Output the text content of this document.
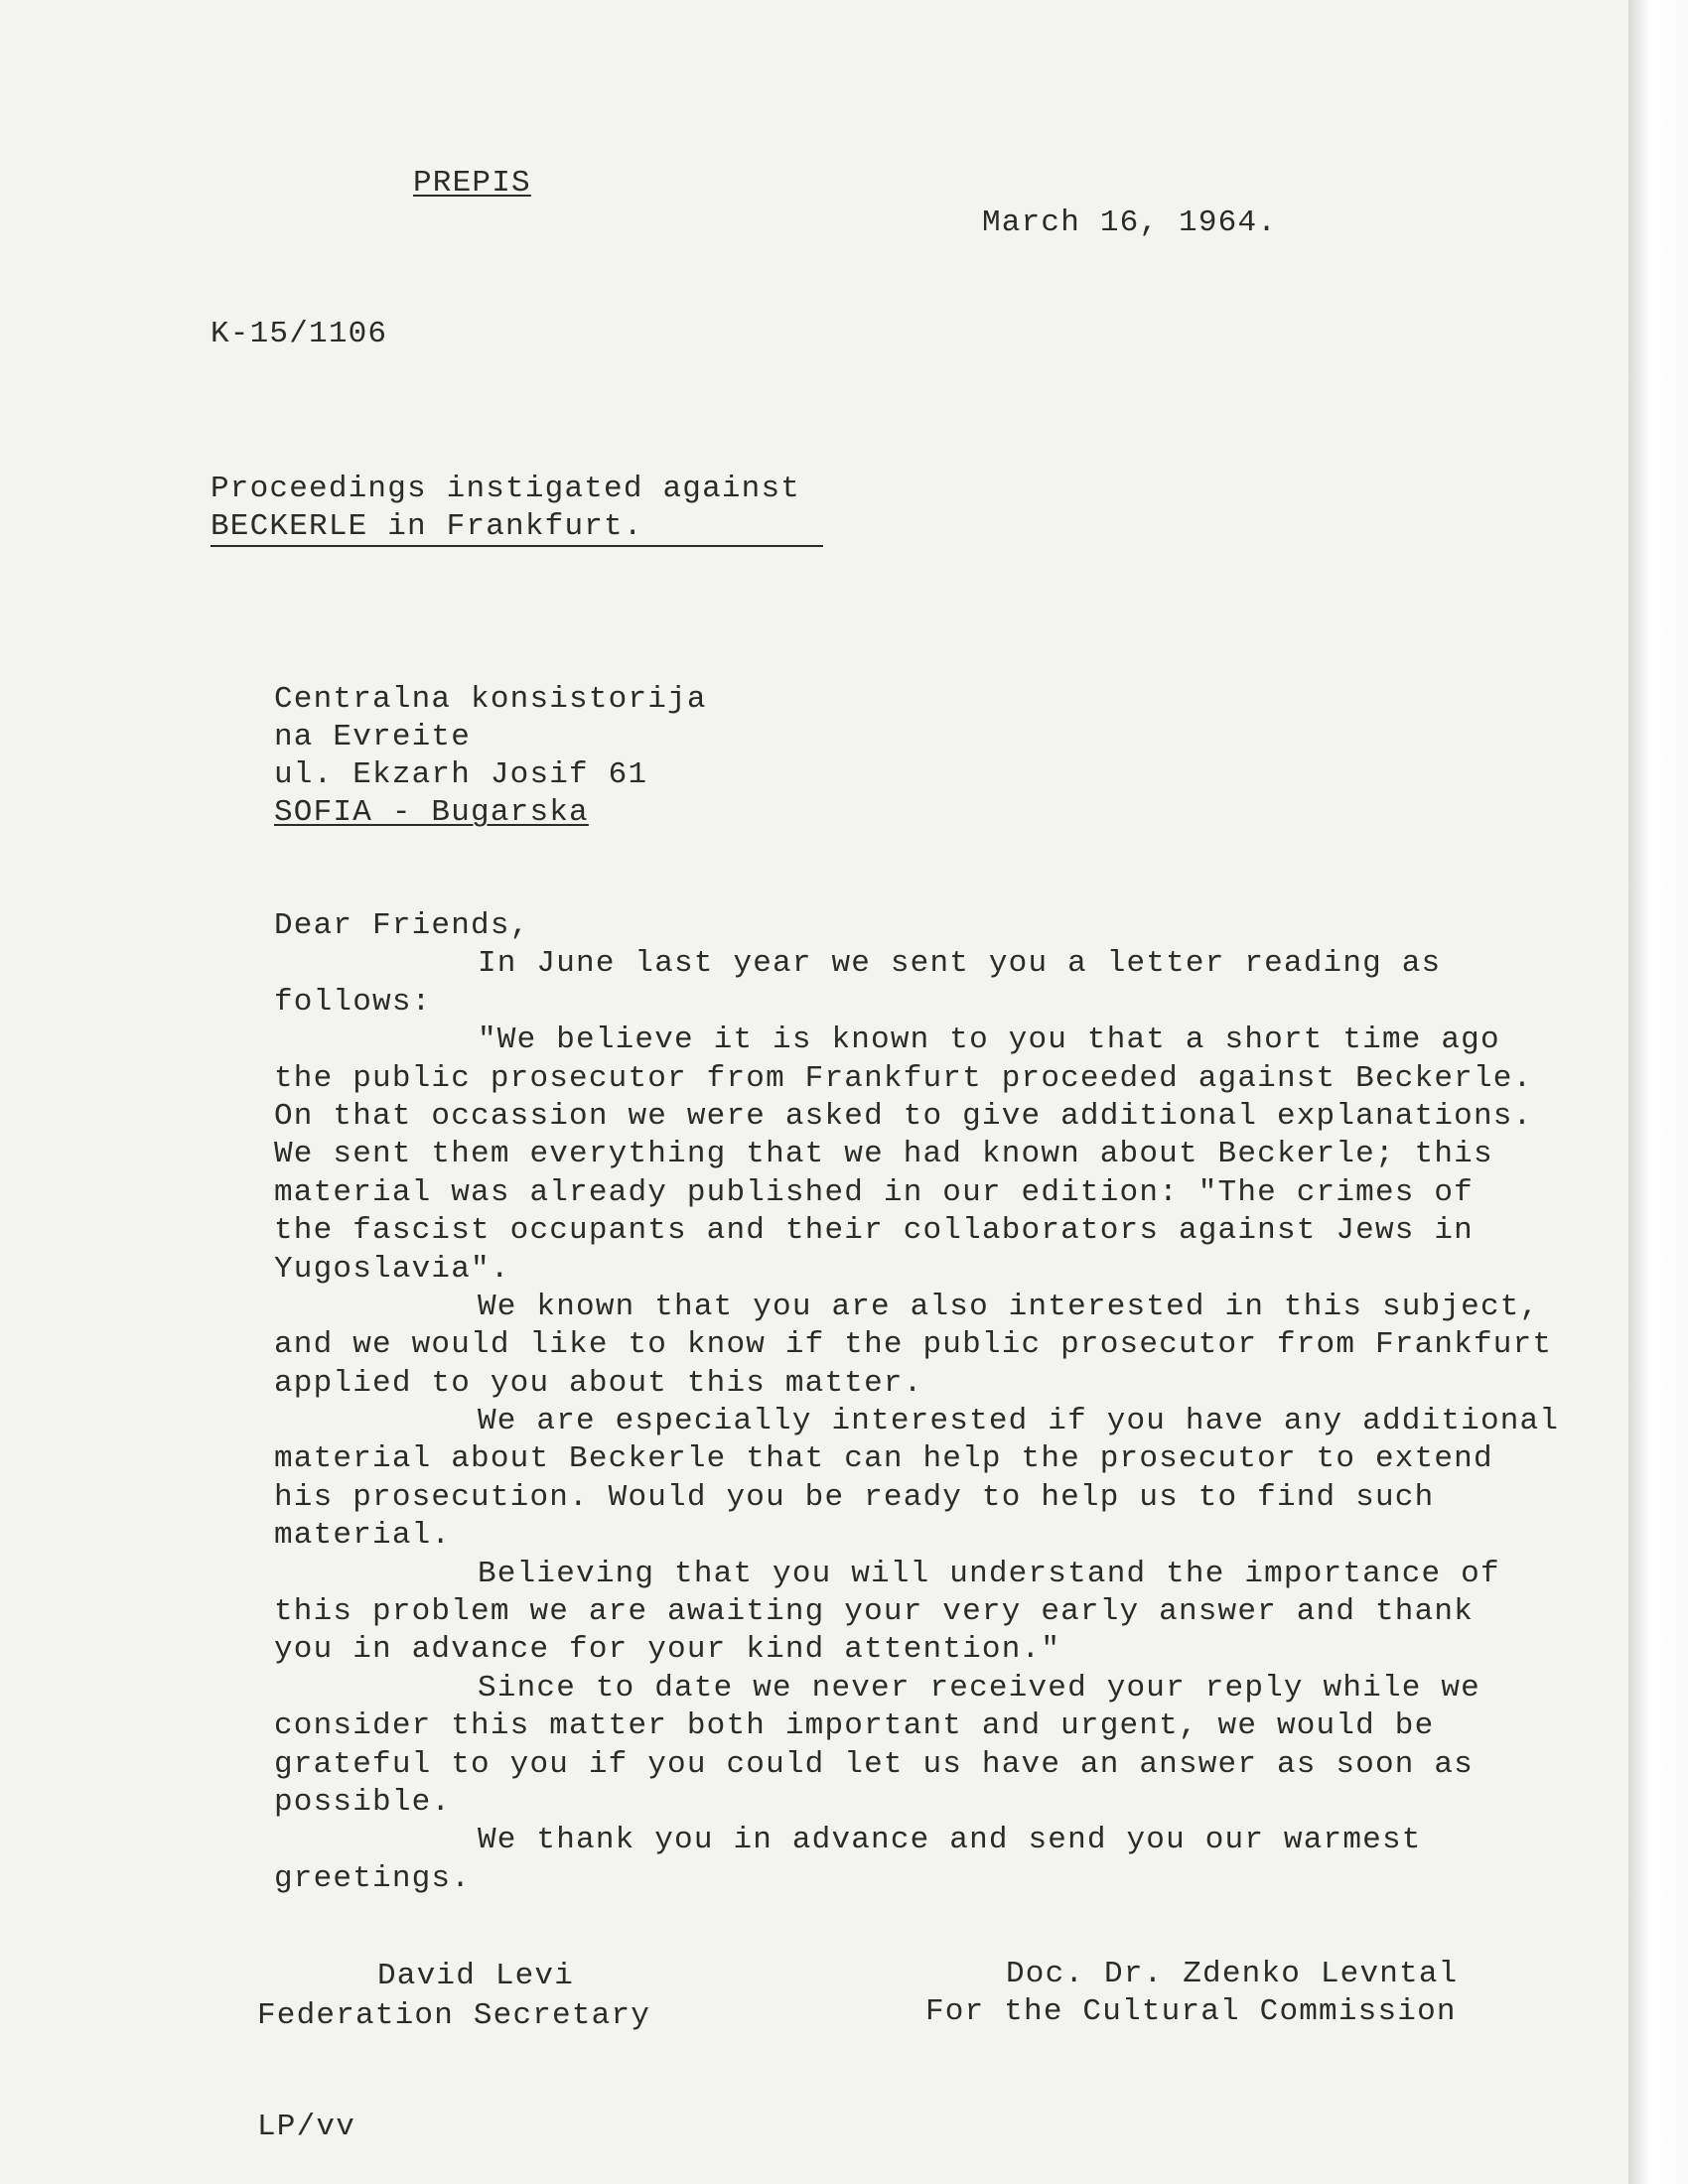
PREPIS
March 16, 1964.
K-15/1106
Proceedings instigated against
BECKERLE in Frankfurt.
Centralna konsistorija
na Evreite
ul. Ekzarh Josif 61
SOFIA - Bugarska
Dear Friends,
In June last year we sent you a letter reading as
follows:
"We believe it is known to you that a short time ago
the public prosecutor from Frankfurt proceeded against Beckerle.
On that occassion we were asked to give additional explanations.
We sent them everything that we had known about Beckerle; this
material was already published in our edition: "The crimes of
the fascist occupants and their collaborators against Jews in
Yugoslavia".
We known that you are also interested in this subject,
and we would like to know if the public prosecutor from Frankfurt
applied to you about this matter.
We are especially interested if you have any additional
material about Beckerle that can help the prosecutor to extend
his prosecution. Would you be ready to help us to find such
material.
Believing that you will understand the importance of
this problem we are awaiting your very early answer and thank
you in advance for your kind attention."
Since to date we never received your reply while we
consider this matter both important and urgent, we would be
grateful to you if you could let us have an answer as soon as
possible.
We thank you in advance and send you our warmest
greetings.
David Levi
Federation Secretary
Doc. Dr. Zdenko Levntal
For the Cultural Commission
LP/vv
